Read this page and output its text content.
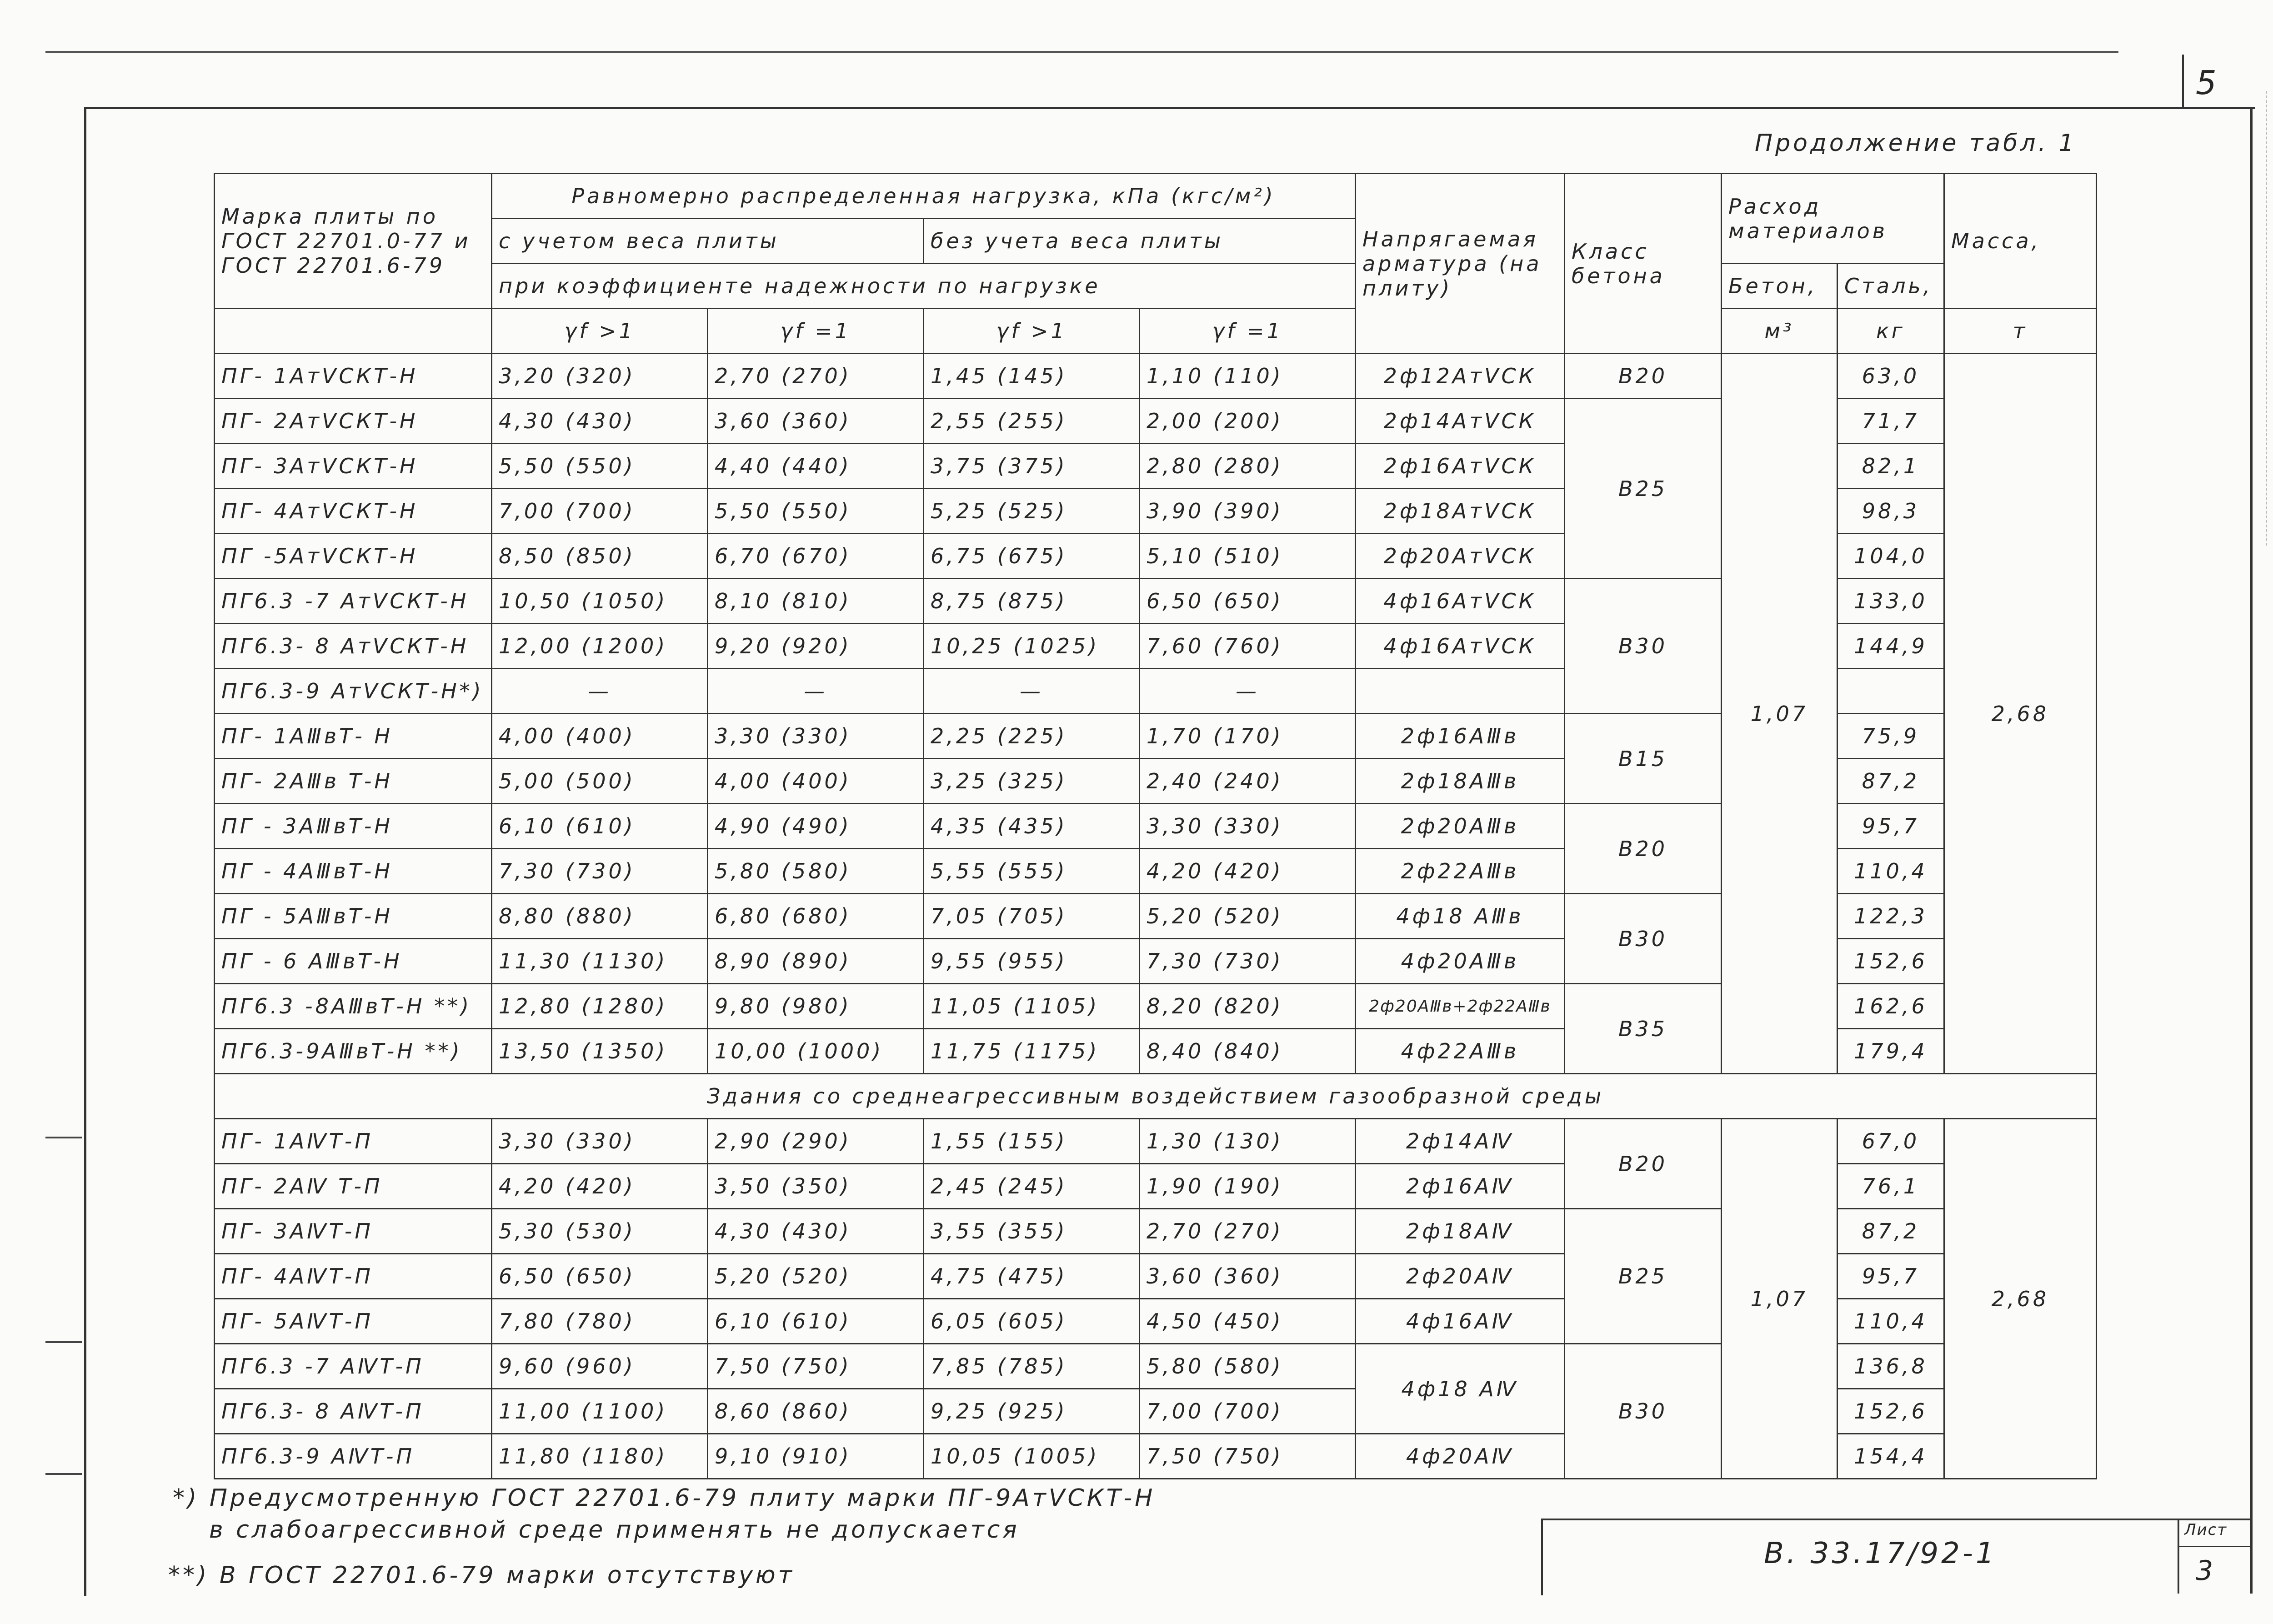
5
Продолжение табл. 1
Марка плиты по ГОСТ 22701.0-77 и ГОСТ 22701.6-79	Равномерно распределенная нагрузка, кПа (кгс/м²)				Напрягаемая арматура (на плиту)	Класс бетона	Расход материалов		Масса,
	с учетом веса плиты		без учета веса плиты						
	при коэффициенте надежности по нагрузке						Бетон,	Сталь,	
	γf >1	γf =1	γf >1	γf =1			м³	кг	т
ПГ- 1АтⅤСКТ-Н	3,20 (320)	2,70 (270)	1,45 (145)	1,10 (110)	2ф12АтⅤСК	В20	1,07	63,0	2,68
ПГ- 2АтⅤСКТ-Н	4,30 (430)	3,60 (360)	2,55 (255)	2,00 (200)	2ф14АтⅤСК	В25		71,7	
ПГ- 3АтⅤСКТ-Н	5,50 (550)	4,40 (440)	3,75 (375)	2,80 (280)	2ф16АтⅤСК			82,1	
ПГ- 4АтⅤСКТ-Н	7,00 (700)	5,50 (550)	5,25 (525)	3,90 (390)	2ф18АтⅤСК			98,3	
ПГ -5АтⅤСКТ-Н	8,50 (850)	6,70 (670)	6,75 (675)	5,10 (510)	2ф20АтⅤСК			104,0	
ПГ6.3 -7 АтⅤСКТ-Н	10,50 (1050)	8,10 (810)	8,75 (875)	6,50 (650)	4ф16АтⅤСК	В30		133,0	
ПГ6.3- 8 АтⅤСКТ-Н	12,00 (1200)	9,20 (920)	10,25 (1025)	7,60 (760)	4ф16АтⅤСК			144,9	
ПГ6.3-9 АтⅤСКТ-Н*)	—	—	—	—					
ПГ- 1АⅢвТ- Н	4,00 (400)	3,30 (330)	2,25 (225)	1,70 (170)	2ф16АⅢв	В15		75,9	
ПГ- 2АⅢв Т-Н	5,00 (500)	4,00 (400)	3,25 (325)	2,40 (240)	2ф18АⅢв			87,2	
ПГ - 3АⅢвТ-Н	6,10 (610)	4,90 (490)	4,35 (435)	3,30 (330)	2ф20АⅢв	В20		95,7	
ПГ - 4АⅢвТ-Н	7,30 (730)	5,80 (580)	5,55 (555)	4,20 (420)	2ф22АⅢв			110,4	
ПГ - 5АⅢвТ-Н	8,80 (880)	6,80 (680)	7,05 (705)	5,20 (520)	4ф18 АⅢв	В30		122,3	
ПГ - 6 АⅢвТ-Н	11,30 (1130)	8,90 (890)	9,55 (955)	7,30 (730)	4ф20АⅢв			152,6	
ПГ6.3 -8АⅢвТ-Н **)	12,80 (1280)	9,80 (980)	11,05 (1105)	8,20 (820)	2ф20АⅢв+2ф22АⅢв	В35		162,6	
ПГ6.3-9АⅢвТ-Н **)	13,50 (1350)	10,00 (1000)	11,75 (1175)	8,40 (840)	4ф22АⅢв			179,4	
Здания со среднеагрессивным воздействием газообразной среды									
ПГ- 1АⅣТ-П	3,30 (330)	2,90 (290)	1,55 (155)	1,30 (130)	2ф14АⅣ	В20	1,07	67,0	2,68
ПГ- 2АⅣ Т-П	4,20 (420)	3,50 (350)	2,45 (245)	1,90 (190)	2ф16АⅣ			76,1	
ПГ- 3АⅣТ-П	5,30 (530)	4,30 (430)	3,55 (355)	2,70 (270)	2ф18АⅣ	В25		87,2	
ПГ- 4АⅣТ-П	6,50 (650)	5,20 (520)	4,75 (475)	3,60 (360)	2ф20АⅣ			95,7	
ПГ- 5АⅣТ-П	7,80 (780)	6,10 (610)	6,05 (605)	4,50 (450)	4ф16АⅣ			110,4	
ПГ6.3 -7 АⅣТ-П	9,60 (960)	7,50 (750)	7,85 (785)	5,80 (580)	4ф18 АⅣ	В30		136,8	
ПГ6.3- 8 АⅣТ-П	11,00 (1100)	8,60 (860)	9,25 (925)	7,00 (700)				152,6	
ПГ6.3-9 АⅣТ-П	11,80 (1180)	9,10 (910)	10,05 (1005)	7,50 (750)	4ф20АⅣ			154,4	
*) Предусмотренную ГОСТ 22701.6-79 плиту марки ПГ-9АтⅤСКТ-Н
в слабоагрессивной среде применять не допускается
**) В ГОСТ 22701.6-79 марки отсутствуют
В. 33.17/92-1
Лист
3
